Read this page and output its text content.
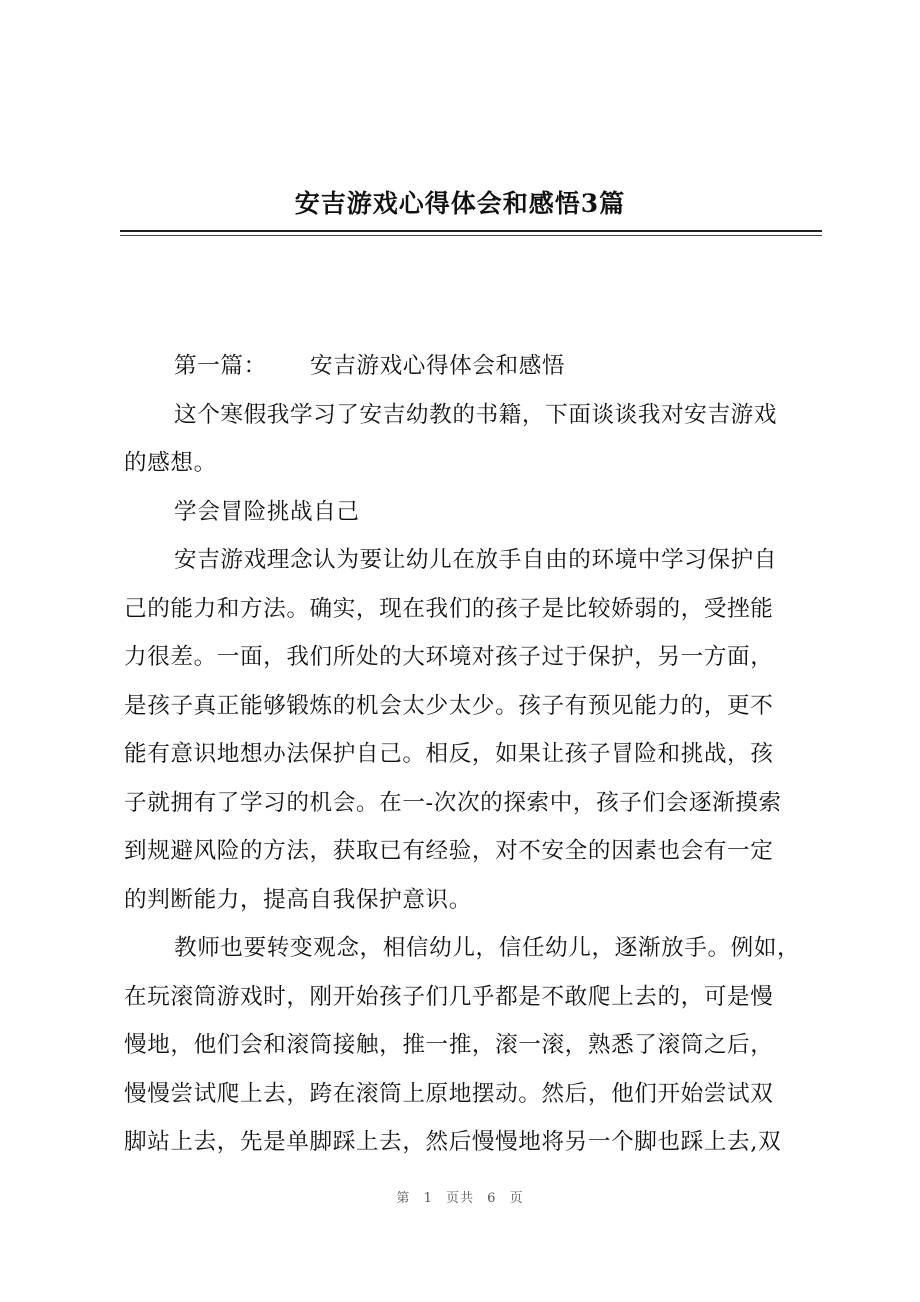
安吉游戏心得体会和感悟3篇
第一篇：	安吉游戏心得体会和感悟
这个寒假我学习了安吉幼教的书籍，下面谈谈我对安吉游戏
的感想。
学会冒险挑战自己
安吉游戏理念认为要让幼儿在放手自由的环境中学习保护自
己的能力和方法。确实，现在我们的孩子是比较娇弱的，受挫能
力很差。一面，我们所处的大环境对孩子过于保护，另一方面，
是孩子真正能够锻炼的机会太少太少。孩子有预见能力的，更不
能有意识地想办法保护自己。相反，如果让孩子冒险和挑战，孩
子就拥有了学习的机会。在一-次次的探索中，孩子们会逐渐摸索
到规避风险的方法，获取已有经验，对不安全的因素也会有一定
的判断能力，提高自我保护意识。
教师也要转变观念，相信幼儿，信任幼儿，逐渐放手。例如，
在玩滚筒游戏时，刚开始孩子们几乎都是不敢爬上去的，可是慢
慢地，他们会和滚筒接触，推一推，滚一滚，熟悉了滚筒之后，
慢慢尝试爬上去，跨在滚筒上原地摆动。然后，他们开始尝试双
脚站上去，先是单脚踩上去，然后慢慢地将另一个脚也踩上去,双
第 1 页共 6 页
